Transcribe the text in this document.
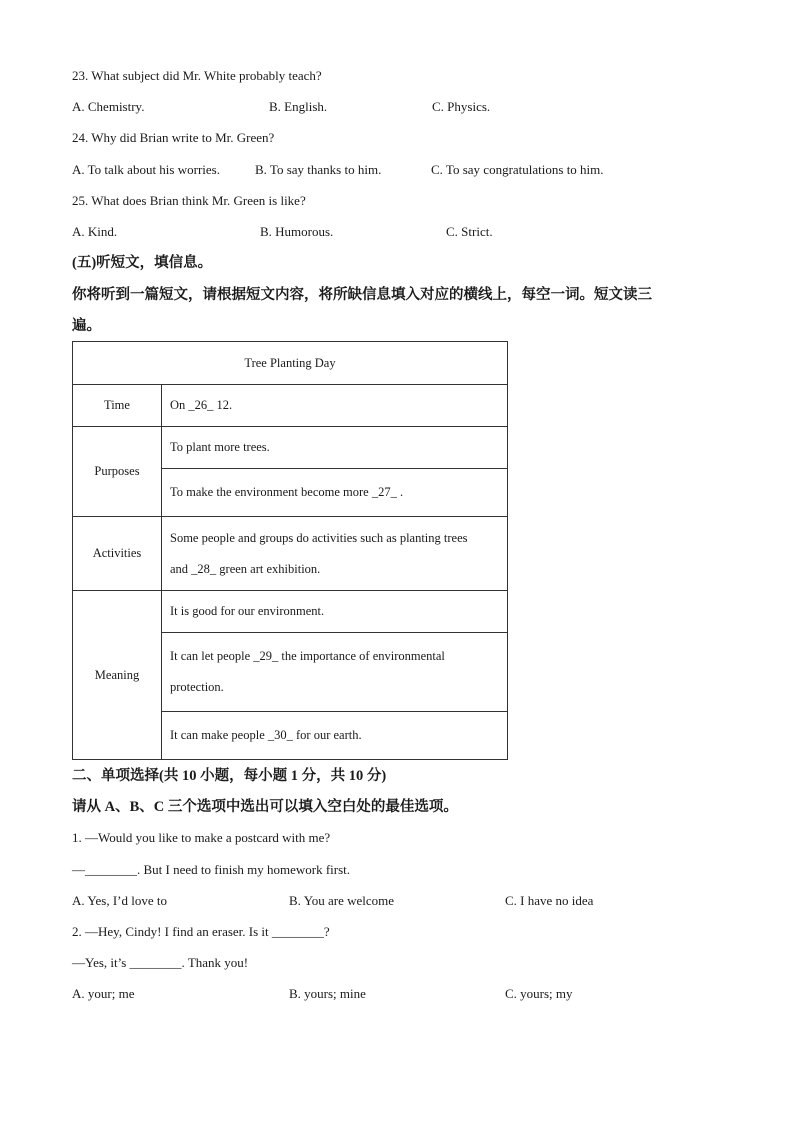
23. What subject did Mr. White probably teach?
A. Chemistry.	B. English.	C. Physics.
24. Why did Brian write to Mr. Green?
A. To talk about his worries.	B. To say thanks to him.	C. To say congratulations to him.
25. What does Brian think Mr. Green is like?
A. Kind.	B. Humorous.	C. Strict.
(五)听短文，填信息。
你将听到一篇短文，请根据短文内容，将所缺信息填入对应的横线上，每空一词。短文读三
遍。
Tree Planting Day	
Time	On _26_ 12.
Purposes	To plant more trees.
	To make the environment become more _27_ .
Activities	Some people and groups do activities such as planting trees
and _28_ green art exhibition.

Meaning	It is good for our environment.

	It can let people _29_ the importance of environmental
protection.

	It can make people _30_ for our earth.
二、单项选择(共 10 小题，每小题 1 分，共 10 分)
请从 A、B、C 三个选项中选出可以填入空白处的最佳选项。
1. —Would you like to make a postcard with me?
—________. But I need to finish my homework first.
A. Yes, I’d love to	B. You are welcome	C. I have no idea
2. —Hey, Cindy! I find an eraser. Is it ________?
—Yes, it’s ________. Thank you!
A. your; me	B. yours; mine	C. yours; my
